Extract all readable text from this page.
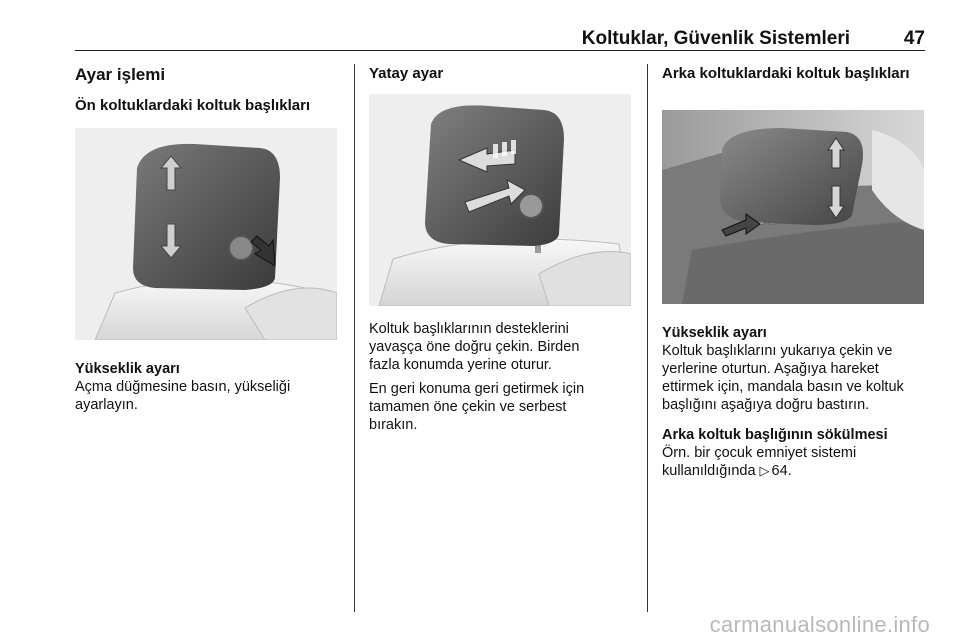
Koltuklar, Güvenlik Sistemleri	47

Ayar işlemi

Ön koltuklardaki koltuk başlıkları

Yükseklik ayarı

Açma düğmesine basın, yükseliği

ayarlayın.

Yatay ayar

Koltuk başlıklarının desteklerini

yavaşça öne doğru çekin. Birden

fazla konumda yerine oturur.

En geri konuma geri getirmek için

tamamen öne çekin ve serbest

bırakın.

Arka koltuklardaki koltuk başlıkları

Yükseklik ayarı

Koltuk başlıklarını yukarıya çekin ve

yerlerine oturtun. Aşağıya hareket

ettirmek için, mandala basın ve koltuk

başlığını aşağıya doğru bastırın.

Arka koltuk başlığının sökülmesi

Örn. bir çocuk emniyet sistemi

kullanıldığında ▷ 64.

carmanualsonline.info
